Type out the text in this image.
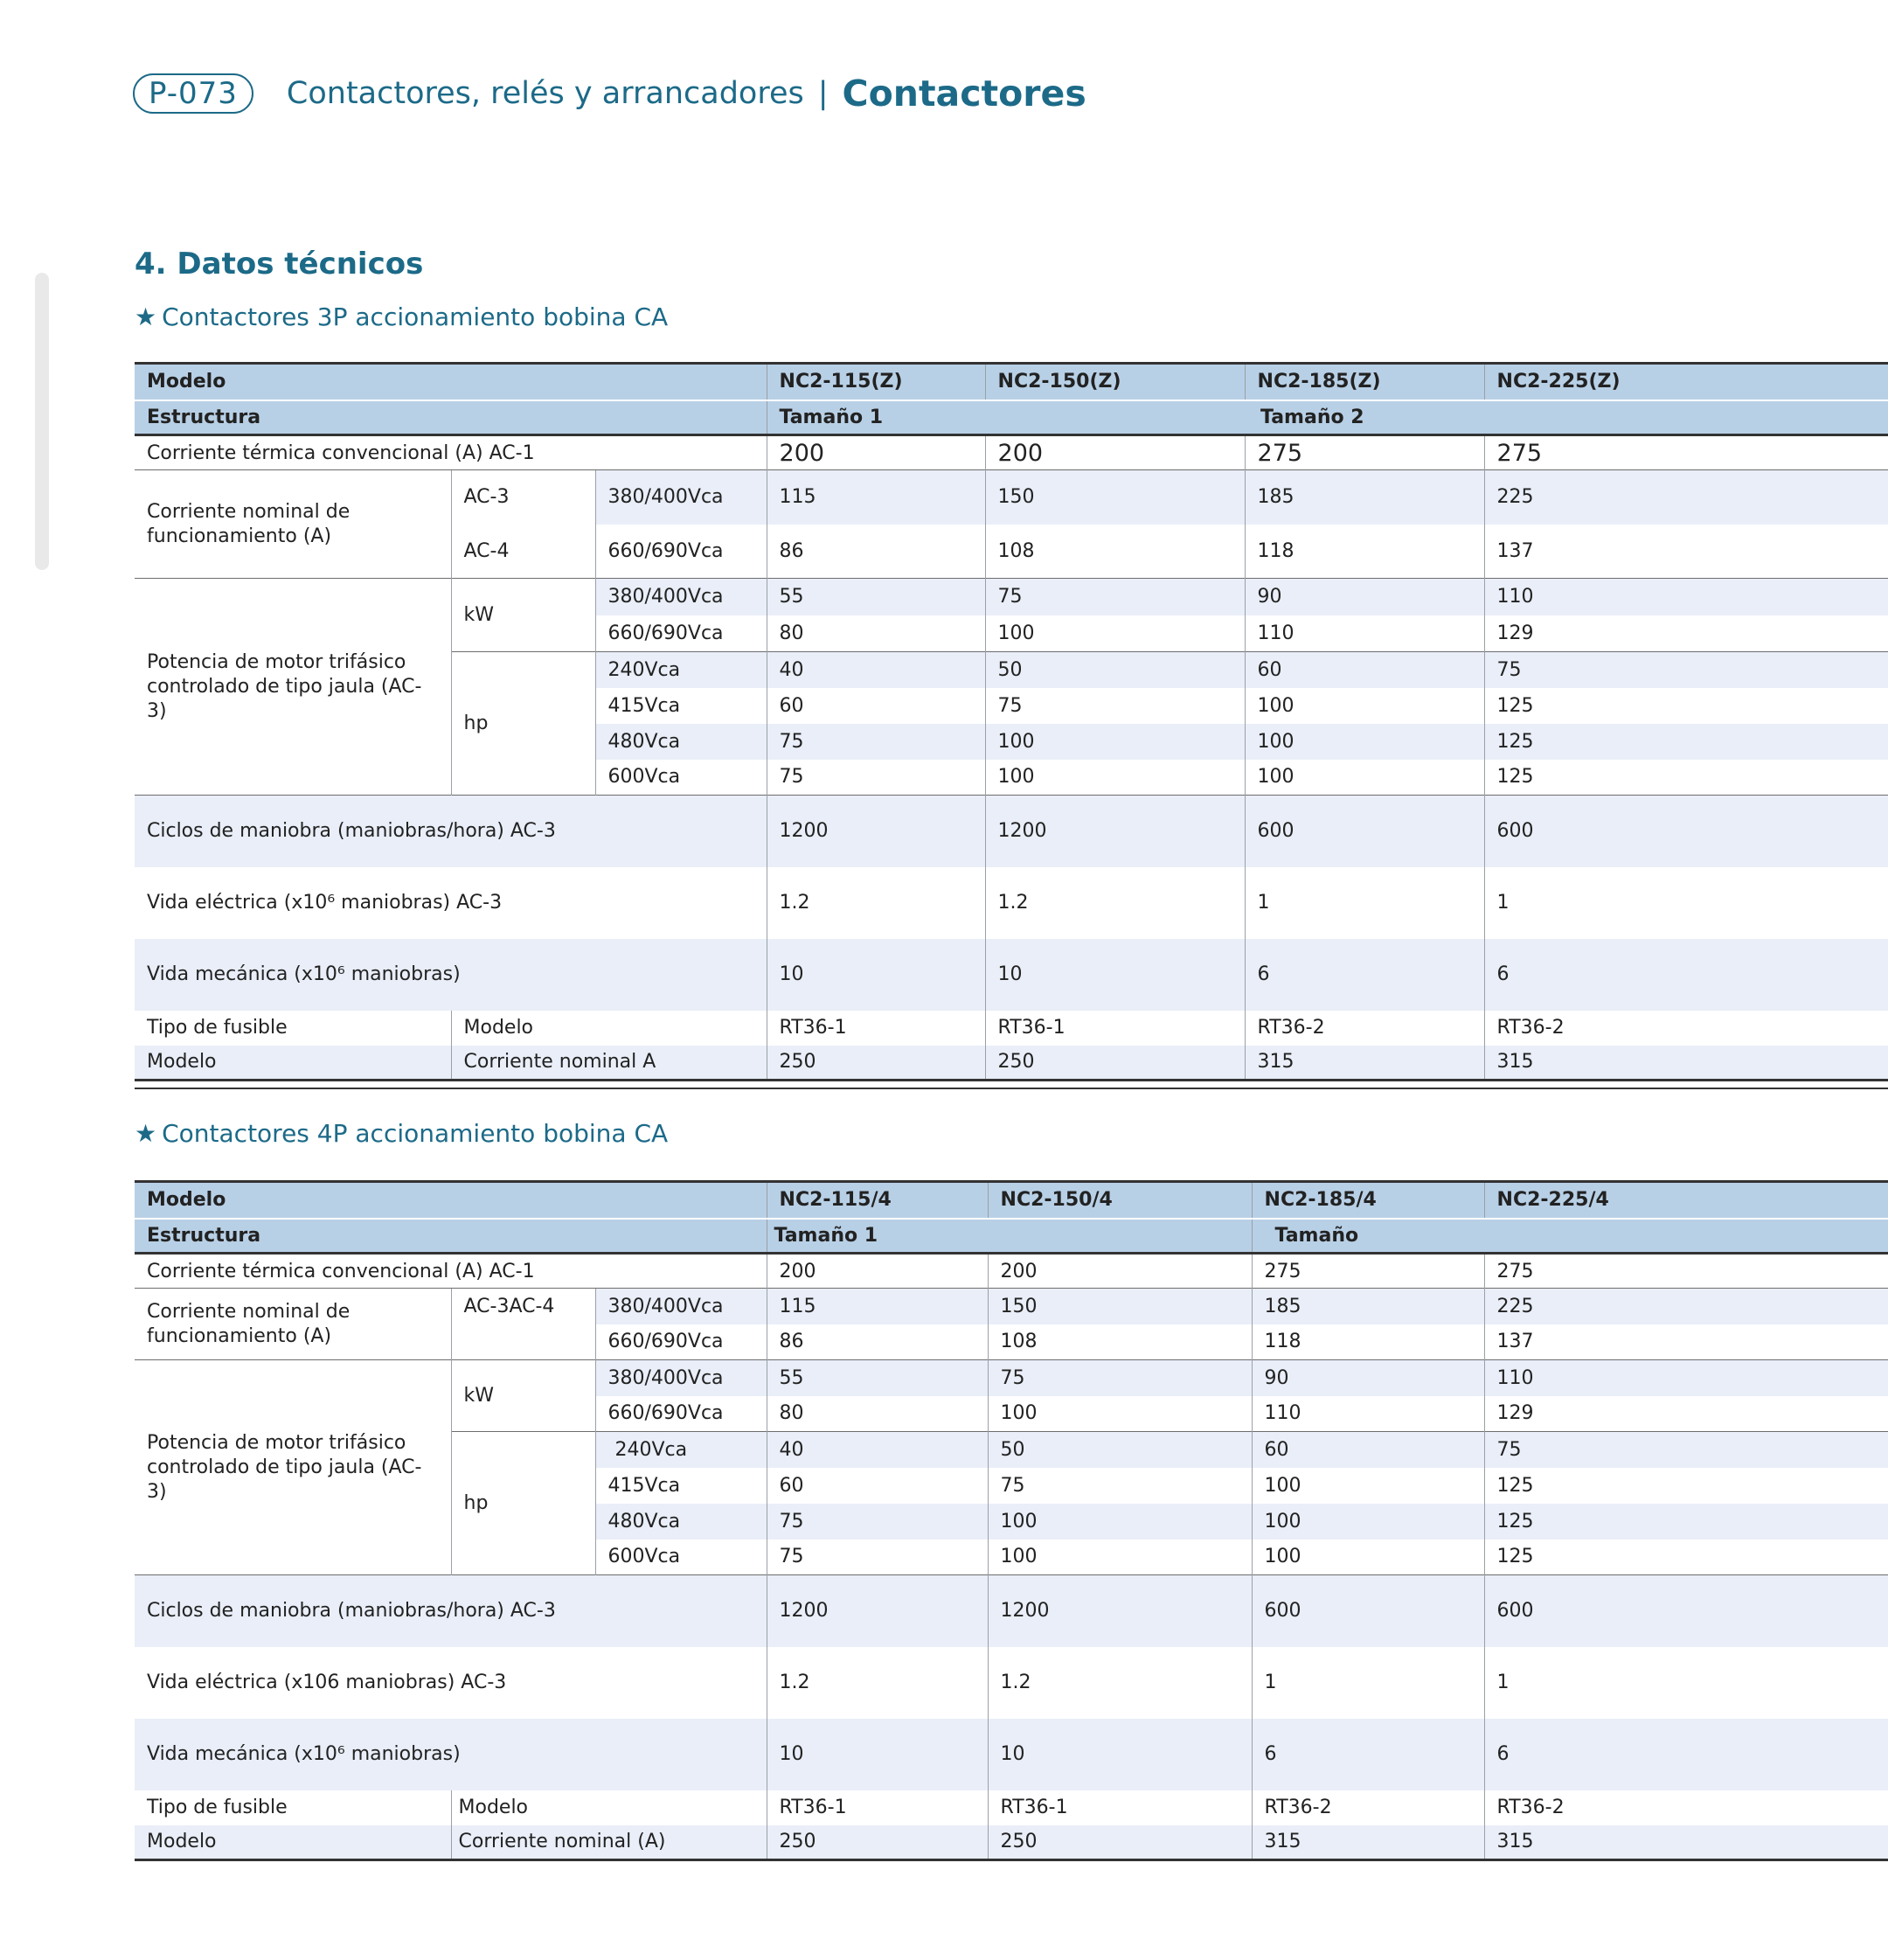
P-073	Contactores, relés y arrancadores | Contactores
4. Datos técnicos
★ Contactores 3P accionamiento bobina CA
Modelo			NC2-115(Z)	NC2-150(Z)	NC2-185(Z)	NC2-225(Z)
Estructura			Tamaño 1		Tamaño 2	
Corriente térmica convencional (A) AC-1			200	200	275	275
Corriente nominal de funcionamiento (A)	AC-3	380/400Vca	115	150	185	225
	AC-4	660/690Vca	86	108	118	137
Potencia de motor trifásico controlado de tipo jaula (AC-3)	kW	380/400Vca	55	75	90	110
		660/690Vca	80	100	110	129
	hp	240Vca	40	50	60	75
		415Vca	60	75	100	125
		480Vca	75	100	100	125
		600Vca	75	100	100	125
Ciclos de maniobra (maniobras/hora) AC-3			1200	1200	600	600
Vida eléctrica (x10⁶ maniobras) AC-3			1.2	1.2	1	1
Vida mecánica (x10⁶ maniobras)			10	10	6	6
Tipo de fusible	Modelo		RT36-1	RT36-1	RT36-2	RT36-2
Modelo	Corriente nominal A		250	250	315	315
★ Contactores 4P accionamiento bobina CA
Modelo			NC2-115/4	NC2-150/4	NC2-185/4	NC2-225/4
Estructura			Tamaño 1		Tamaño	
Corriente térmica convencional (A) AC-1			200	200	275	275
Corriente nominal de funcionamiento (A)	AC-3AC-4	380/400Vca	115	150	185	225
		660/690Vca	86	108	118	137
Potencia de motor trifásico controlado de tipo jaula (AC-3)	kW	380/400Vca	55	75	90	110
		660/690Vca	80	100	110	129
	hp	240Vca	40	50	60	75
		415Vca	60	75	100	125
		480Vca	75	100	100	125
		600Vca	75	100	100	125
Ciclos de maniobra (maniobras/hora) AC-3			1200	1200	600	600
Vida eléctrica (x106 maniobras) AC-3			1.2	1.2	1	1
Vida mecánica (x10⁶ maniobras)			10	10	6	6
Tipo de fusible	Modelo		RT36-1	RT36-1	RT36-2	RT36-2
Modelo	Corriente nominal (A)		250	250	315	315
